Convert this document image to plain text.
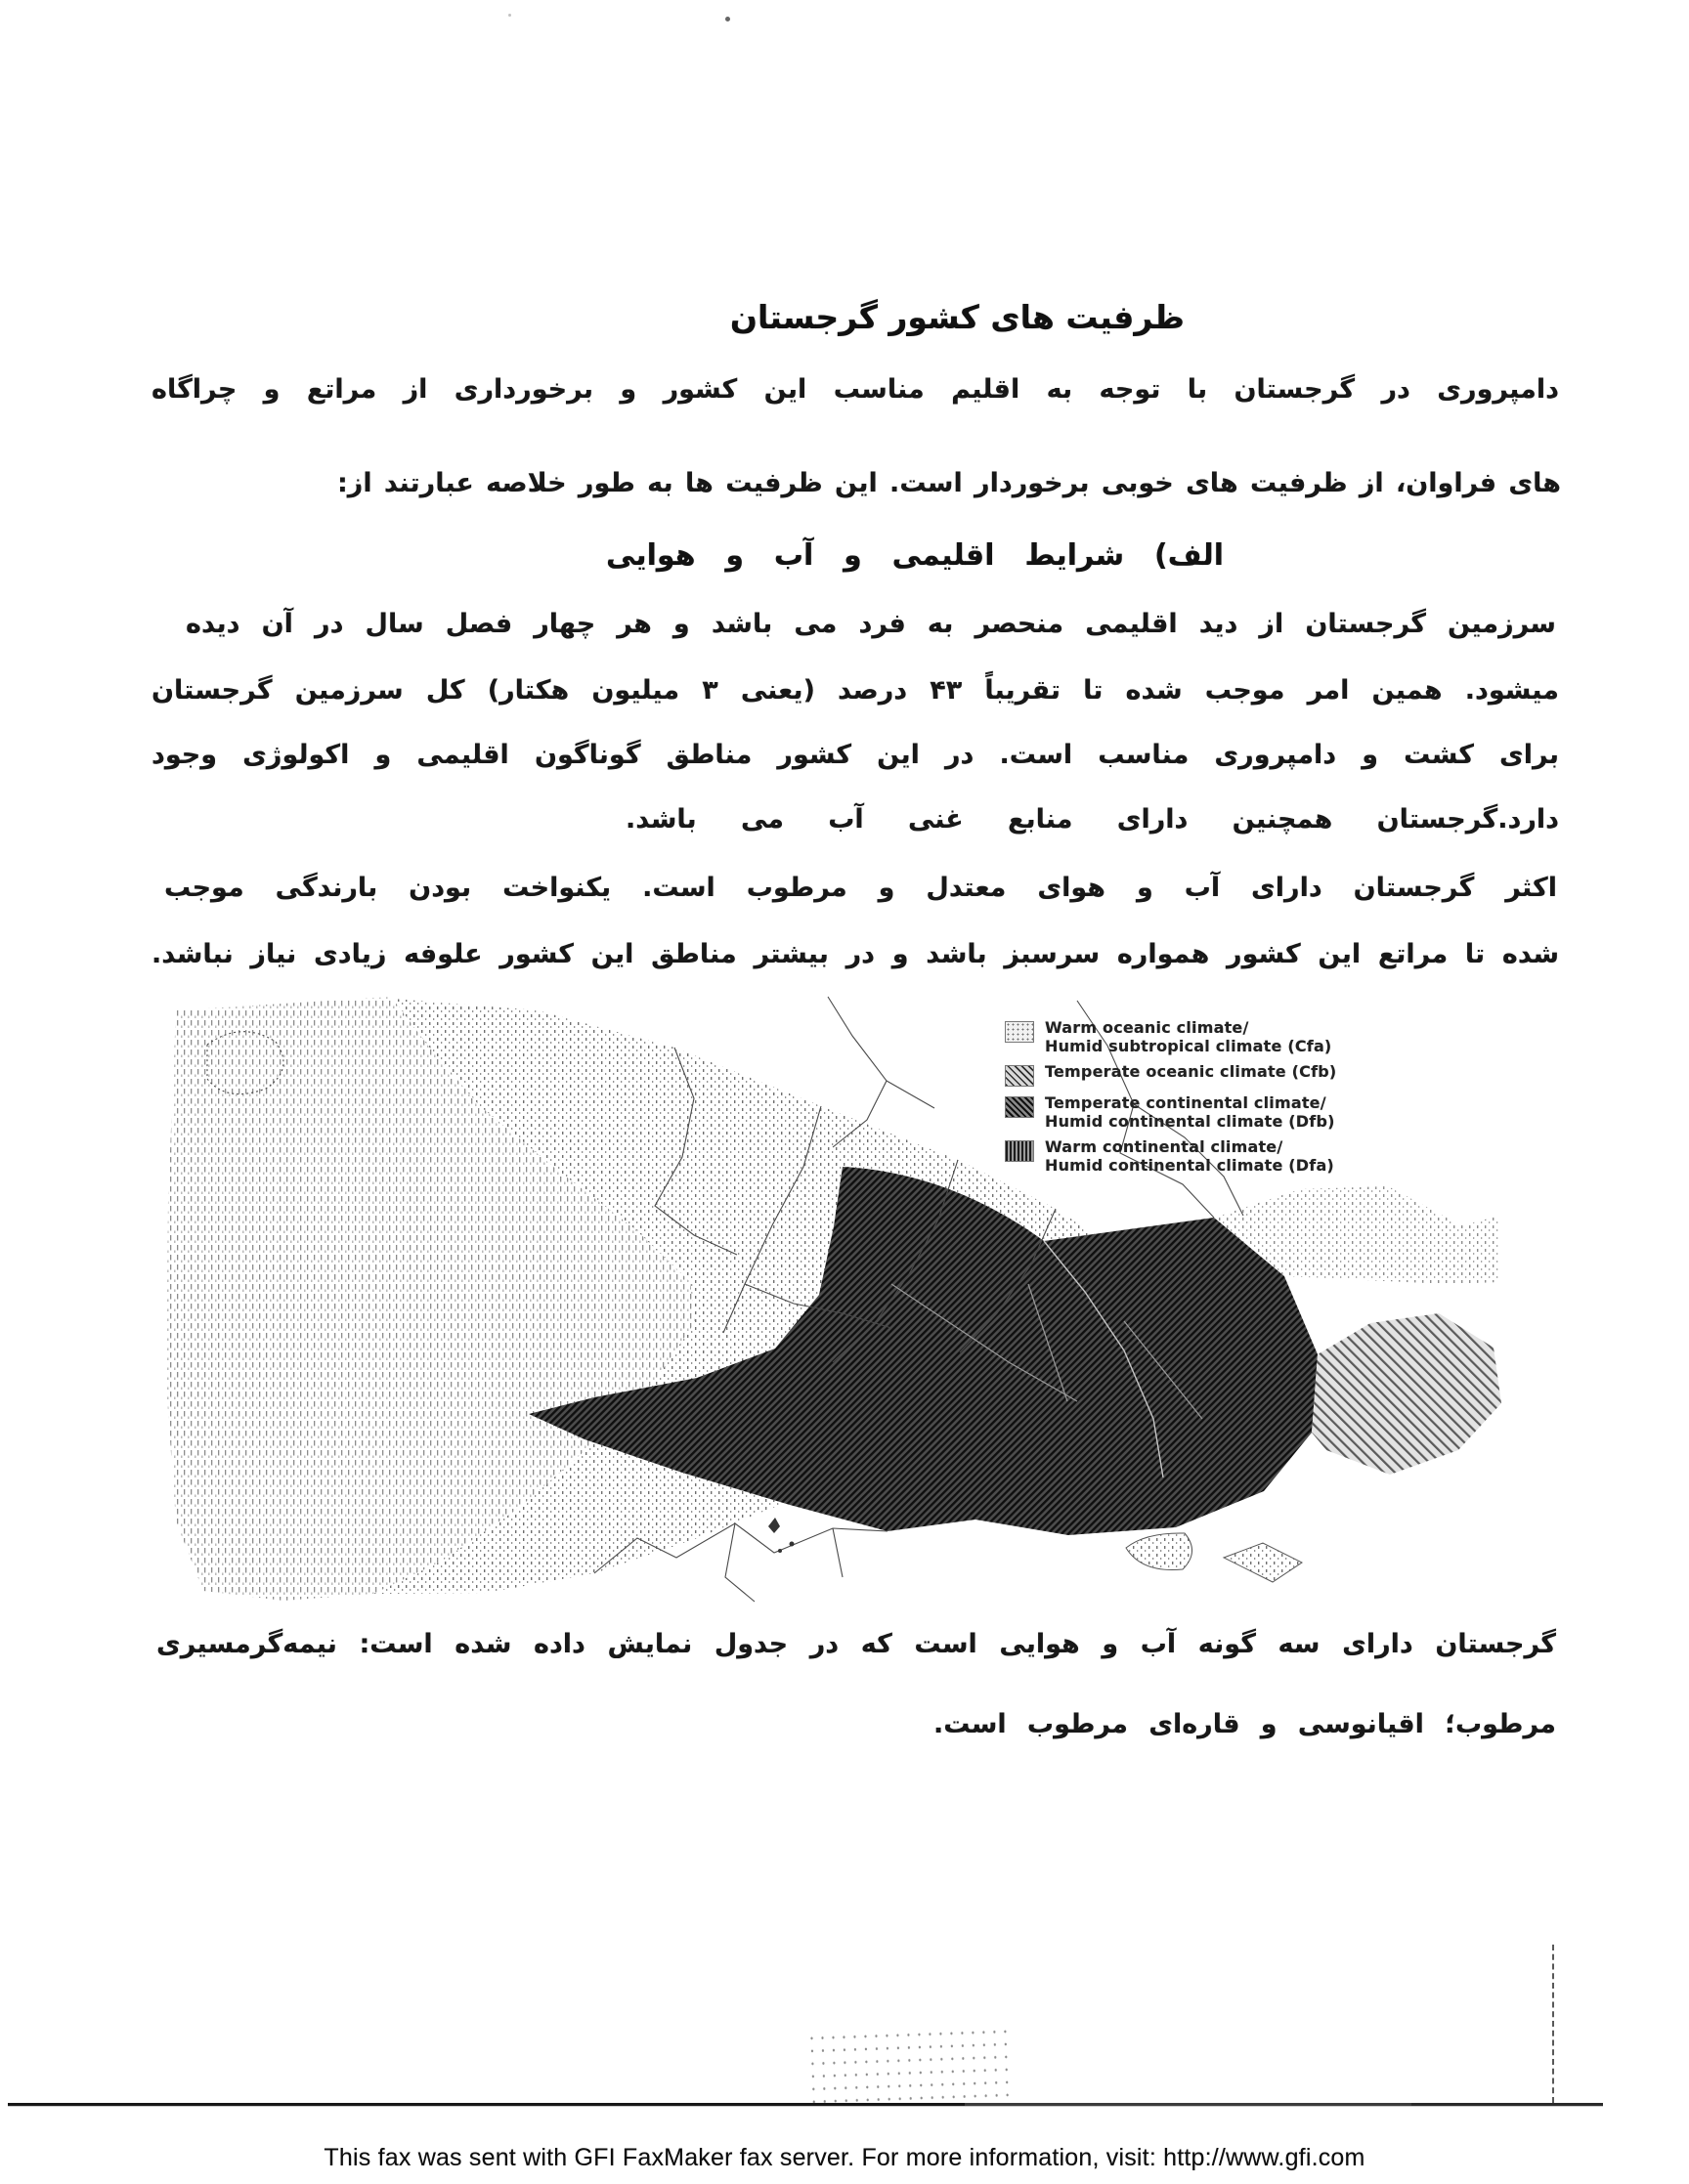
ظرفیت های کشور گرجستان
دامپروری در گرجستان با توجه به اقلیم مناسب این کشور و برخورداری از مراتع و چراگاه
های فراوان، از ظرفیت های خوبی برخوردار است. این ظرفیت ها به طور خلاصه عبارتند از:
الف) شرایط اقلیمی و آب و هوایی
سرزمین گرجستان از دید اقلیمی منحصر به فرد می باشد و هر چهار فصل سال در آن دیده
میشود. همین امر موجب شده تا تقریباً ۴۳ درصد (یعنی ۳ میلیون هکتار) کل سرزمین گرجستان
برای کشت و دامپروری مناسب است. در این کشور مناطق گوناگون اقلیمی و اکولوژی وجود
دارد.گرجستان همچنین دارای منابع غنی آب می باشد.
اکثر گرجستان دارای آب و هوای معتدل و مرطوب است. یکنواخت بودن بارندگی موجب
شده تا مراتع این کشور همواره سرسبز باشد و در بیشتر مناطق این کشور علوفه زیادی نیاز نباشد.
Warm oceanic climate/
Humid subtropical climate (Cfa)
Temperate oceanic climate (Cfb)
Temperate continental climate/
Humid continental climate (Dfb)
Warm continental climate/
Humid continental climate (Dfa)
گرجستان دارای سه گونه آب و هوایی است که در جدول نمایش داده شده است: نیمه‌گرمسیری
مرطوب؛ اقیانوسی و قاره‌ای مرطوب است.
This fax was sent with GFI FaxMaker fax server. For more information, visit: http://www.gfi.com
